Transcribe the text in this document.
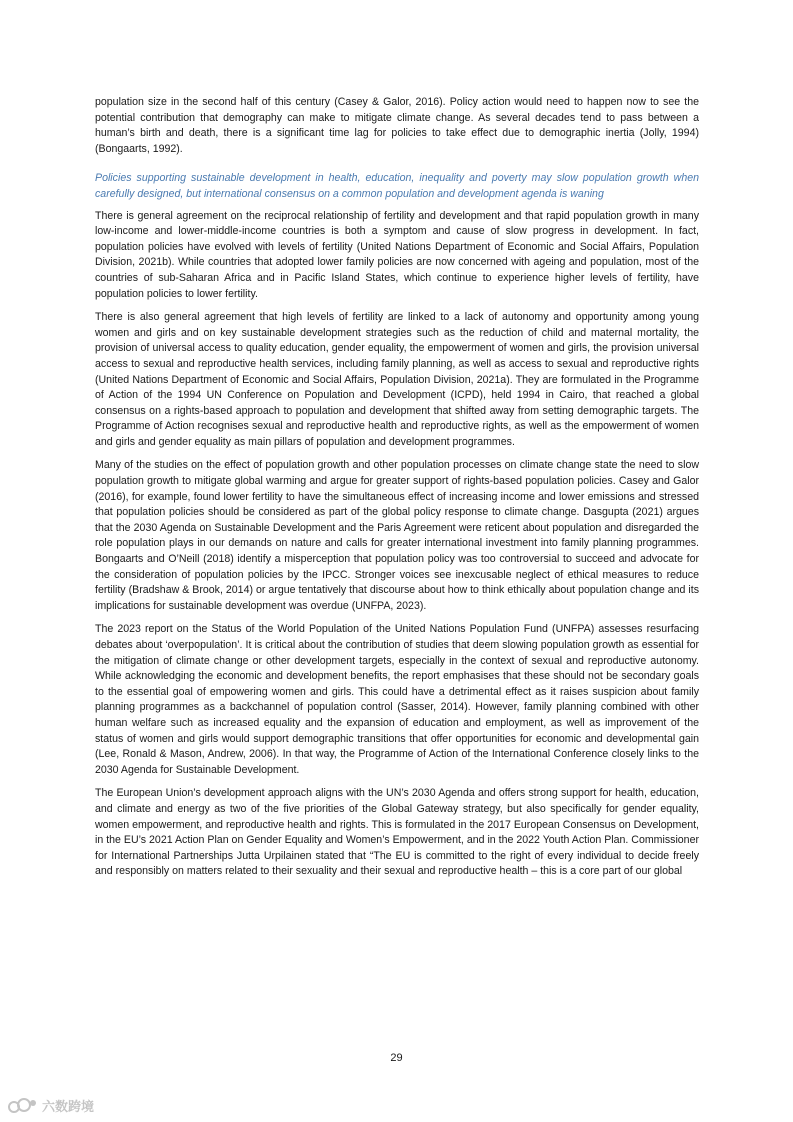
population size in the second half of this century (Casey & Galor, 2016). Policy action would need to happen now to see the potential contribution that demography can make to mitigate climate change. As several decades tend to pass between a human’s birth and death, there is a significant time lag for policies to take effect due to demographic inertia (Jolly, 1994) (Bongaarts, 1992).

Policies supporting sustainable development in health, education, inequality and poverty may slow population growth when carefully designed, but international consensus on a common population and development agenda is waning

There is general agreement on the reciprocal relationship of fertility and development and that rapid population growth in many low-income and lower-middle-income countries is both a symptom and cause of slow progress in development. In fact, population policies have evolved with levels of fertility (United Nations Department of Economic and Social Affairs, Population Division, 2021b). While countries that adopted lower family policies are now concerned with ageing and population, most of the countries of sub-Saharan Africa and in Pacific Island States, which continue to experience higher levels of fertility, have population policies to lower fertility.

There is also general agreement that high levels of fertility are linked to a lack of autonomy and opportunity among young women and girls and on key sustainable development strategies such as the reduction of child and maternal mortality, the provision of universal access to quality education, gender equality, the empowerment of women and girls, the provision universal access to sexual and reproductive health services, including family planning, as well as access to sexual and reproductive rights (United Nations Department of Economic and Social Affairs, Population Division, 2021a). They are formulated in the Programme of Action of the 1994 UN Conference on Population and Development (ICPD), held 1994 in Cairo, that reached a global consensus on a rights-based approach to population and development that shifted away from setting demographic targets. The Programme of Action recognises sexual and reproductive health and reproductive rights, as well as the empowerment of women and girls and gender equality as main pillars of population and development programmes.

Many of the studies on the effect of population growth and other population processes on climate change state the need to slow population growth to mitigate global warming and argue for greater support of rights-based population policies. Casey and Galor (2016), for example, found lower fertility to have the simultaneous effect of increasing income and lower emissions and stressed that population policies should be considered as part of the global policy response to climate change. Dasgupta (2021) argues that the 2030 Agenda on Sustainable Development and the Paris Agreement were reticent about population and disregarded the role population plays in our demands on nature and calls for greater international investment into family planning programmes. Bongaarts and O’Neill (2018) identify a misperception that population policy was too controversial to succeed and advocate for the consideration of population policies by the IPCC. Stronger voices see inexcusable neglect of ethical measures to reduce fertility (Bradshaw & Brook, 2014) or argue tentatively that discourse about how to think ethically about population change and its implications for sustainable development was overdue (UNFPA, 2023).

The 2023 report on the Status of the World Population of the United Nations Population Fund (UNFPA) assesses resurfacing debates about ‘overpopulation’. It is critical about the contribution of studies that deem slowing population growth as essential for the mitigation of climate change or other development targets, especially in the context of sexual and reproductive autonomy. While acknowledging the economic and development benefits, the report emphasises that these should not be secondary goals to the essential goal of empowering women and girls. This could have a detrimental effect as it raises suspicion about family planning programmes as a backchannel of population control (Sasser, 2014). However, family planning combined with other human welfare such as increased equality and the expansion of education and employment, as well as improvement of the status of women and girls would support demographic transitions that offer opportunities for economic and developmental gain (Lee, Ronald & Mason, Andrew, 2006). In that way, the Programme of Action of the International Conference closely links to the 2030 Agenda for Sustainable Development.

The European Union’s development approach aligns with the UN’s 2030 Agenda and offers strong support for health, education, and climate and energy as two of the five priorities of the Global Gateway strategy, but also specifically for gender equality, women empowerment, and reproductive health and rights. This is formulated in the 2017 European Consensus on Development, in the EU’s 2021 Action Plan on Gender Equality and Women’s Empowerment, and in the 2022 Youth Action Plan. Commissioner for International Partnerships Jutta Urpilainen stated that “The EU is committed to the right of every individual to decide freely and responsibly on matters related to their sexuality and their sexual and reproductive health – this is a core part of our global

29
六数跨境
